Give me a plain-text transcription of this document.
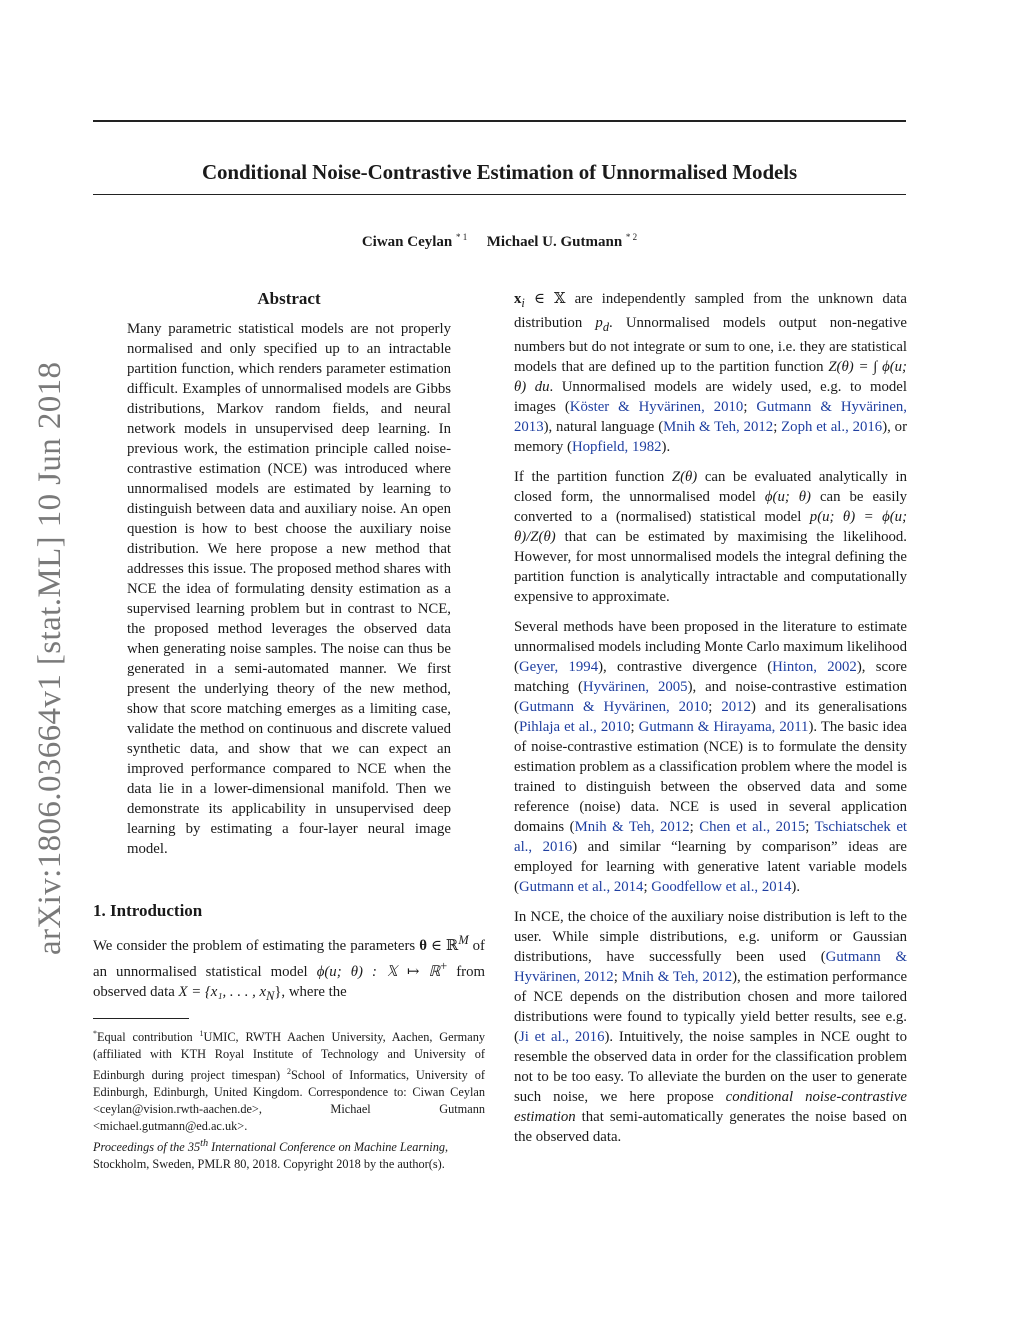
Conditional Noise-Contrastive Estimation of Unnormalised Models
Ciwan Ceylan $^{* 1}$ Michael U. Gutmann $^{* 2}$
arXiv:1806.03664v1 [stat.ML] 10 Jun 2018
Abstract

Many parametric statistical models are not properly normalised and only specified up to an intractable partition function, which renders parameter estimation difficult. Examples of unnormalised models are Gibbs distributions, Markov random fields, and neural network models in unsupervised deep learning. In previous work, the estimation principle called noise-contrastive estimation (NCE) was introduced where unnormalised models are estimated by learning to distinguish between data and auxiliary noise. An open question is how to best choose the auxiliary noise distribution. We here propose a new method that addresses this issue. The proposed method shares with NCE the idea of formulating density estimation as a supervised learning problem but in contrast to NCE, the proposed method leverages the observed data when generating noise samples. The noise can thus be generated in a semi-automated manner. We first present the underlying theory of the new method, show that score matching emerges as a limiting case, validate the method on continuous and discrete valued synthetic data, and show that we can expect an improved performance compared to NCE when the data lie in a lower-dimensional manifold. Then we demonstrate its applicability in unsupervised deep learning by estimating a four-layer neural image model.

1. Introduction

We consider the problem of estimating the parameters θ ∈ ℝ$^M$ of an unnormalised statistical model ϕ(u; θ) : 𝕏 ↦ ℝ+ from observed data X = {x₁, . . . , $x_N$}, where the

*Equal contribution $^1$UMIC, RWTH Aachen University, Aachen, Germany (affiliated with KTH Royal Institute of Technology and University of Edinburgh during project timespan) $^2$School of Informatics, University of Edinburgh, Edinburgh, United Kingdom. Correspondence to: Ciwan Ceylan <ceylan@vision.rwth-aachen.de>, Michael Gutmann <michael.gutmann@ed.ac.uk>.

Proceedings of the 35th International Conference on Machine Learning, Stockholm, Sweden, PMLR 80, 2018. Copyright 2018 by the author(s).

$x_i$ ∈ 𝕏 are independently sampled from the unknown data distribution $p_d$. Unnormalised models output non-negative numbers but do not integrate or sum to one, i.e. they are statistical models that are defined up to the partition function Z(θ) = ∫ ϕ(u; θ) du. Unnormalised models are widely used, e.g. to model images (Köster & Hyvärinen, 2010; Gutmann & Hyvärinen, 2013), natural language (Mnih & Teh, 2012; Zoph et al., 2016), or memory (Hopfield, 1982).

If the partition function Z(θ) can be evaluated analytically in closed form, the unnormalised model ϕ(u; θ) can be easily converted to a (normalised) statistical model p(u; θ) = ϕ(u; θ)/Z(θ) that can be estimated by maximising the likelihood. However, for most unnormalised models the integral defining the partition function is analytically intractable and computationally expensive to approximate.

Several methods have been proposed in the literature to estimate unnormalised models including Monte Carlo maximum likelihood (Geyer, 1994), contrastive divergence (Hinton, 2002), score matching (Hyvärinen, 2005), and noise-contrastive estimation (Gutmann & Hyvärinen, 2010; 2012) and its generalisations (Pihlaja et al., 2010; Gutmann & Hirayama, 2011). The basic idea of noise-contrastive estimation (NCE) is to formulate the density estimation problem as a classification problem where the model is trained to distinguish between the observed data and some reference (noise) data. NCE is used in several application domains (Mnih & Teh, 2012; Chen et al., 2015; Tschiatschek et al., 2016) and similar “learning by comparison” ideas are employed for learning with generative latent variable models (Gutmann et al., 2014; Goodfellow et al., 2014).

In NCE, the choice of the auxiliary noise distribution is left to the user. While simple distributions, e.g. uniform or Gaussian distributions, have successfully been used (Gutmann & Hyvärinen, 2012; Mnih & Teh, 2012), the estimation performance of NCE depends on the distribution chosen and more tailored distributions were found to typically yield better results, see e.g. (Ji et al., 2016). Intuitively, the noise samples in NCE ought to resemble the observed data in order for the classification problem not to be too easy. To alleviate the burden on the user to generate such noise, we here propose conditional noise-contrastive estimation that semi-automatically generates the noise based on the observed data.
